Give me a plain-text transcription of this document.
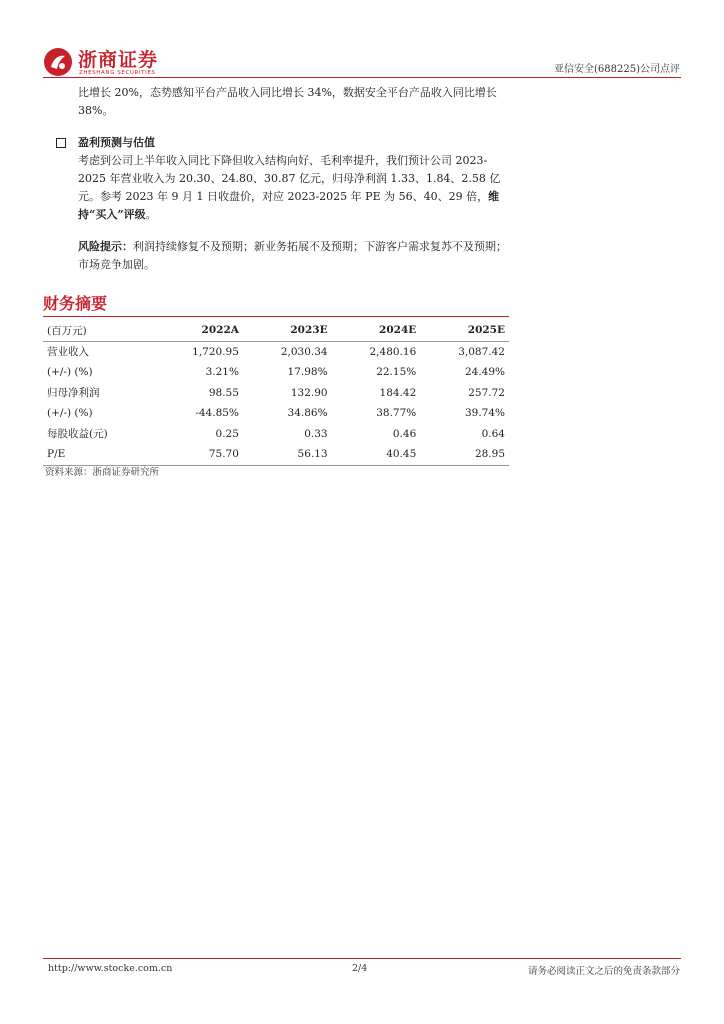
浙商证券
ZHESHANG SECURITIES	亚信安全(688225)公司点评
比增长 20%，态势感知平台产品收入同比增长 34%，数据安全平台产品收入同比增长 38%。
盈利预测与估值
考虑到公司上半年收入同比下降但收入结构向好、毛利率提升，我们预计公司 2023-2025 年营业收入为 20.30、24.80、30.87 亿元，归母净利润 1.33、1.84、2.58 亿元。参考 2023 年 9 月 1 日收盘价，对应 2023-2025 年 PE 为 56、40、29 倍，维持“买入”评级。
风险提示：利润持续修复不及预期；新业务拓展不及预期；下游客户需求复苏不及预期；市场竞争加剧。
财务摘要
(百万元)	2022A	2023E	2024E	2025E
营业收入	1,720.95	2,030.34	2,480.16	3,087.42
(+/-) (%)	3.21%	17.98%	22.15%	24.49%
归母净利润	98.55	132.90	184.42	257.72
(+/-) (%)	-44.85%	34.86%	38.77%	39.74%
每股收益(元)	0.25	0.33	0.46	0.64
P/E	75.70	56.13	40.45	28.95
资料来源：浙商证券研究所
http://www.stocke.com.cn	2/4	请务必阅读正文之后的免责条款部分
